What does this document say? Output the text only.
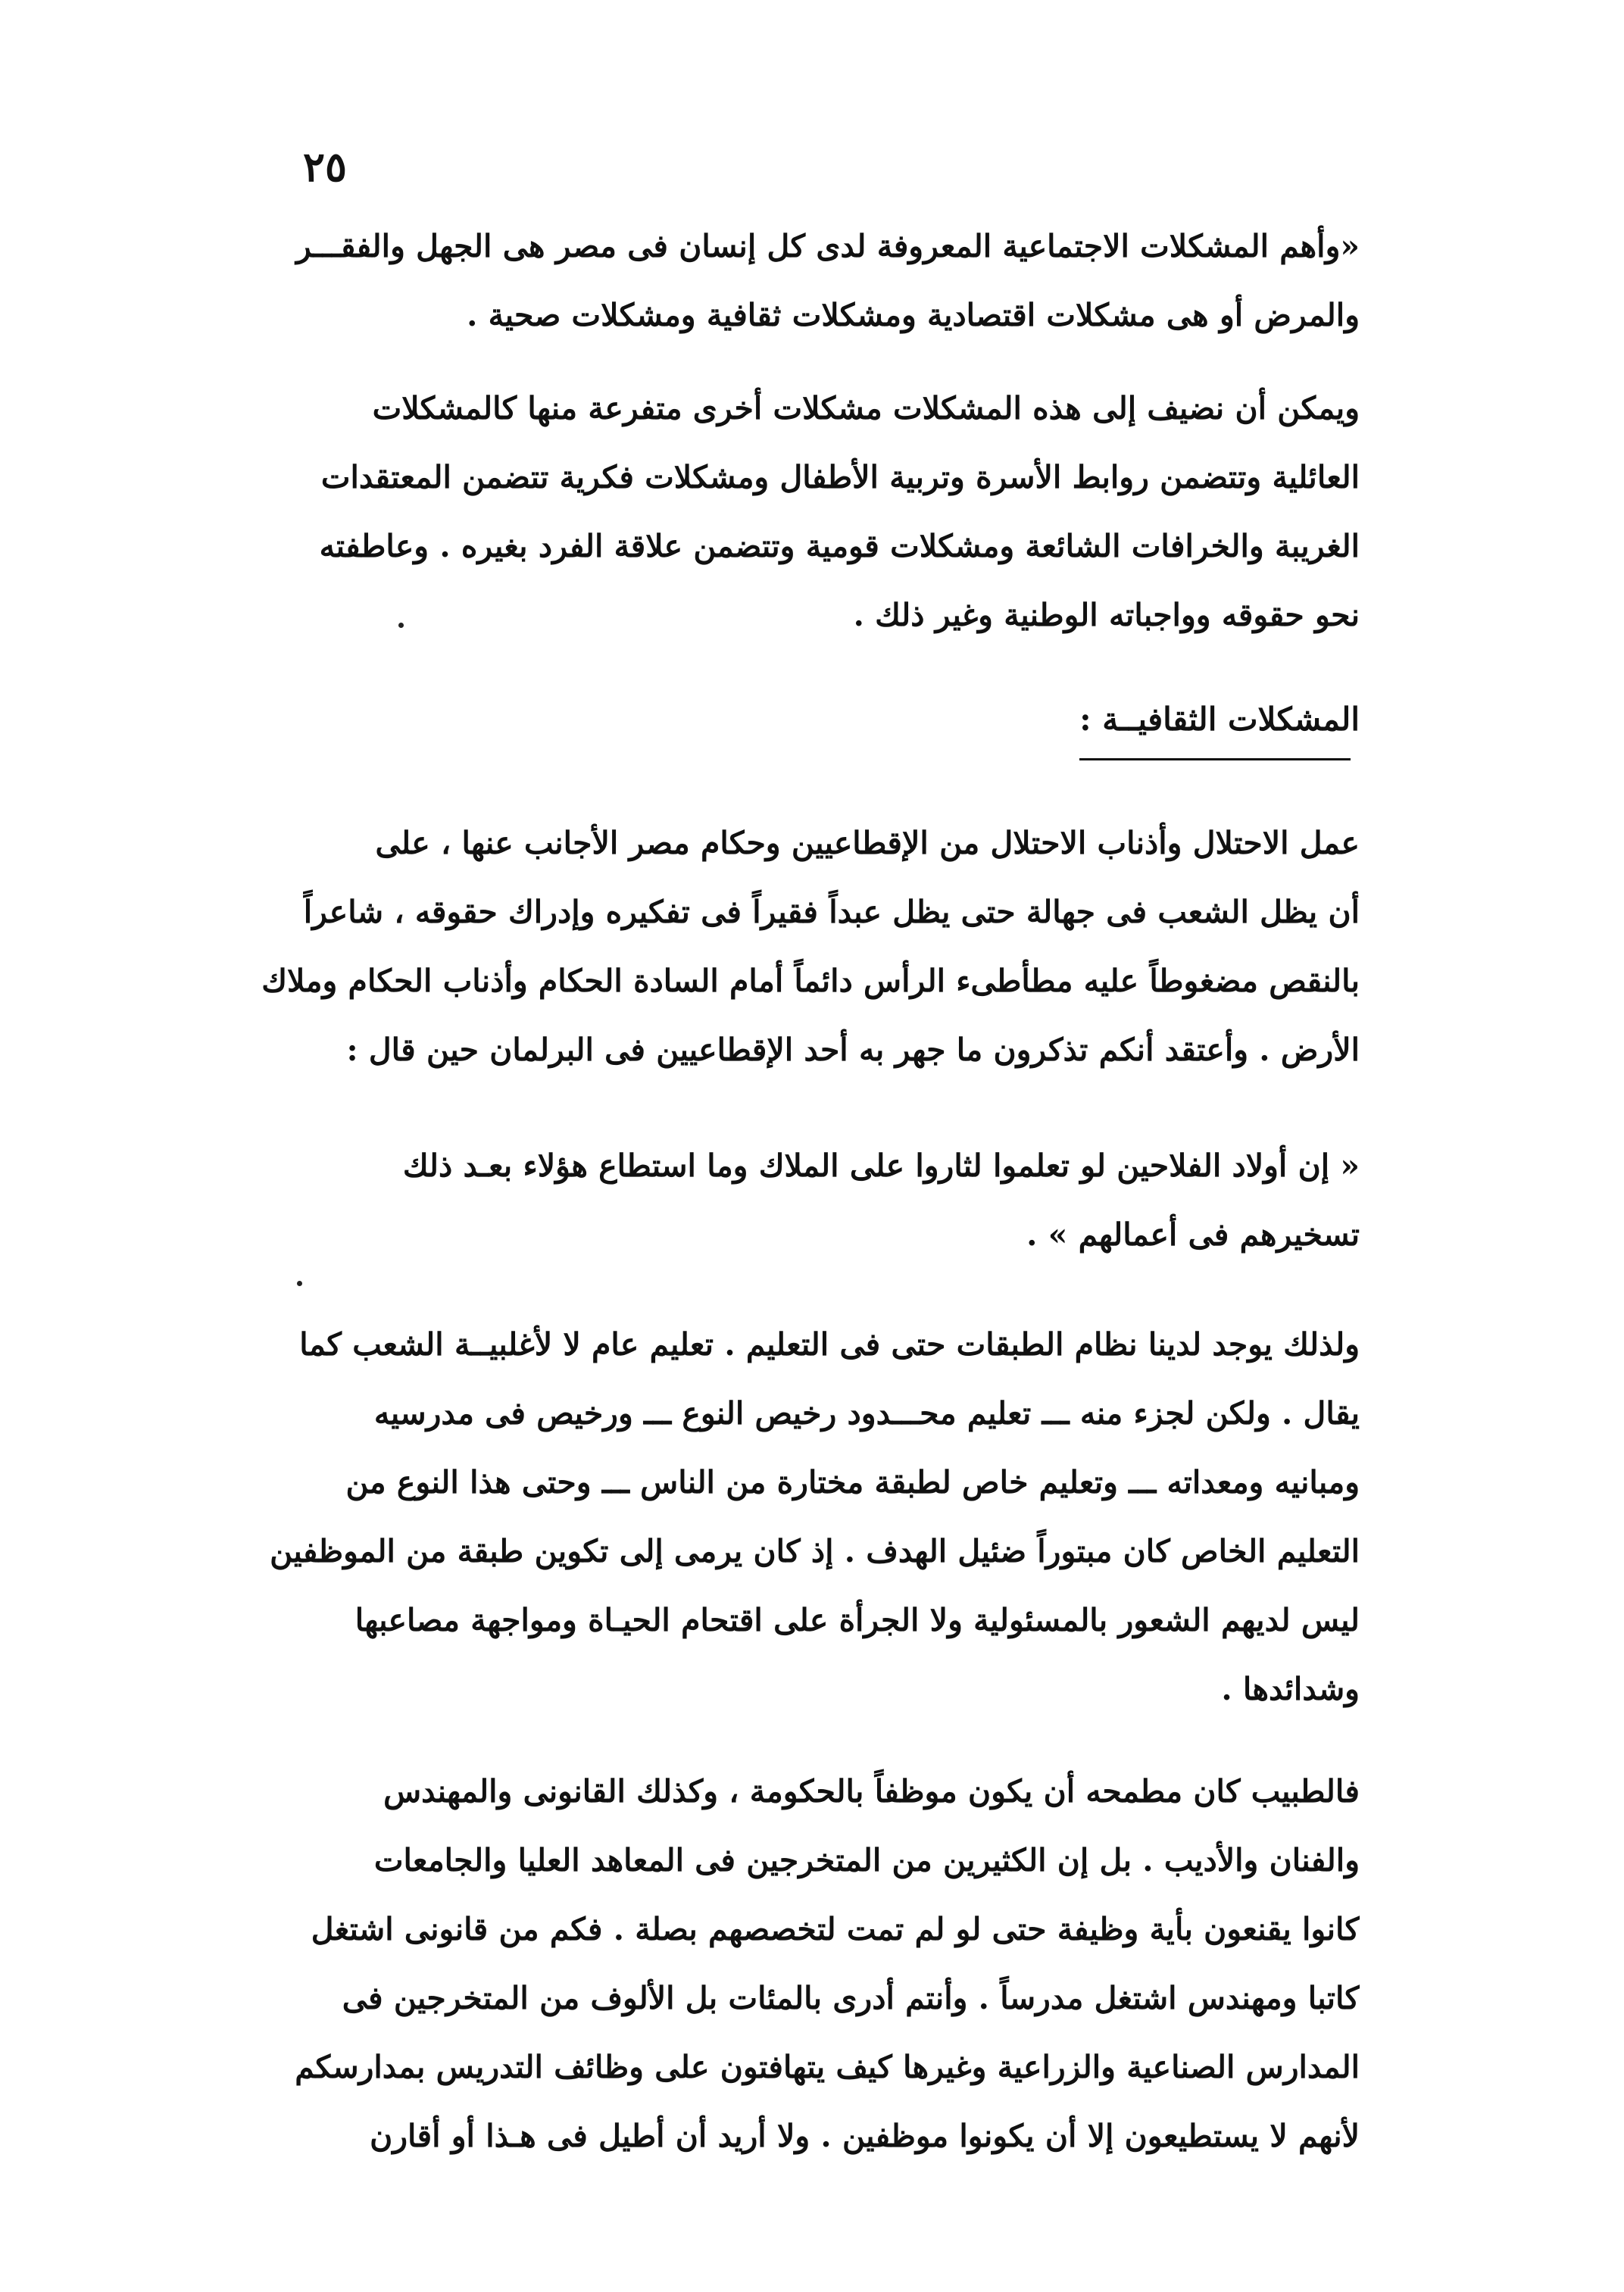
٢٥
«وأهم المشكلات الاجتماعية المعروفة لدى كل إنسان فى مصر هى الجهل والفقـــر
والمرض أو هى مشكلات اقتصادية ومشكلات ثقافية ومشكلات صحية .
ويمكن أن نضيف إلى هذه المشكلات مشكلات أخرى متفرعة منها كالمشكلات
العائلية وتتضمن روابط الأسرة وتربية الأطفال ومشكلات فكرية تتضمن المعتقدات
الغريبة والخرافات الشائعة ومشكلات قومية وتتضمن علاقة الفرد بغيره . وعاطفته
نحو حقوقه وواجباته الوطنية وغير ذلك .
المشكلات الثقافيــة :
عمل الاحتلال وأذناب الاحتلال من الإقطاعيين وحكام مصر الأجانب عنها ، على
أن يظل الشعب فى جهالة حتى يظل عبداً فقيراً فى تفكيره وإدراك حقوقه ، شاعراً
بالنقص مضغوطاً عليه مطأطىء الرأس دائماً أمام السادة الحكام وأذناب الحكام وملاك
الأرض . وأعتقد أنكم تذكرون ما جهر به أحد الإقطاعيين فى البرلمان حين قال :
« إن أولاد الفلاحين لو تعلموا لثاروا على الملاك وما استطاع هؤلاء بعـد ذلك
تسخيرهم فى أعمالهم » .
ولذلك يوجد لدينا نظام الطبقات حتى فى التعليم . تعليم عام لا لأغلبيــة الشعب كما
يقال . ولكن لجزء منه ـــ تعليم محـــدود رخيص النوع ـــ ورخيص فى مدرسيه
ومبانيه ومعداته ـــ وتعليم خاص لطبقة مختارة من الناس ـــ وحتى هذا النوع من
التعليم الخاص كان مبتوراً ضئيل الهدف . إذ كان يرمى إلى تكوين طبقة من الموظفين
ليس لديهم الشعور بالمسئولية ولا الجرأة على اقتحام الحيـاة ومواجهة مصاعبها
وشدائدها .
فالطبيب كان مطمحه أن يكون موظفاً بالحكومة ، وكذلك القانونى والمهندس
والفنان والأديب . بل إن الكثيرين من المتخرجين فى المعاهد العليا والجامعات
كانوا يقنعون بأية وظيفة حتى لو لم تمت لتخصصهم بصلة . فكم من قانونى اشتغل
كاتبا ومهندس اشتغل مدرساً . وأنتم أدرى بالمئات بل الألوف من المتخرجين فى
المدارس الصناعية والزراعية وغيرها كيف يتهافتون على وظائف التدريس بمدارسكم
لأنهم لا يستطيعون إلا أن يكونوا موظفين . ولا أريد أن أطيل فى هـذا أو أقارن
